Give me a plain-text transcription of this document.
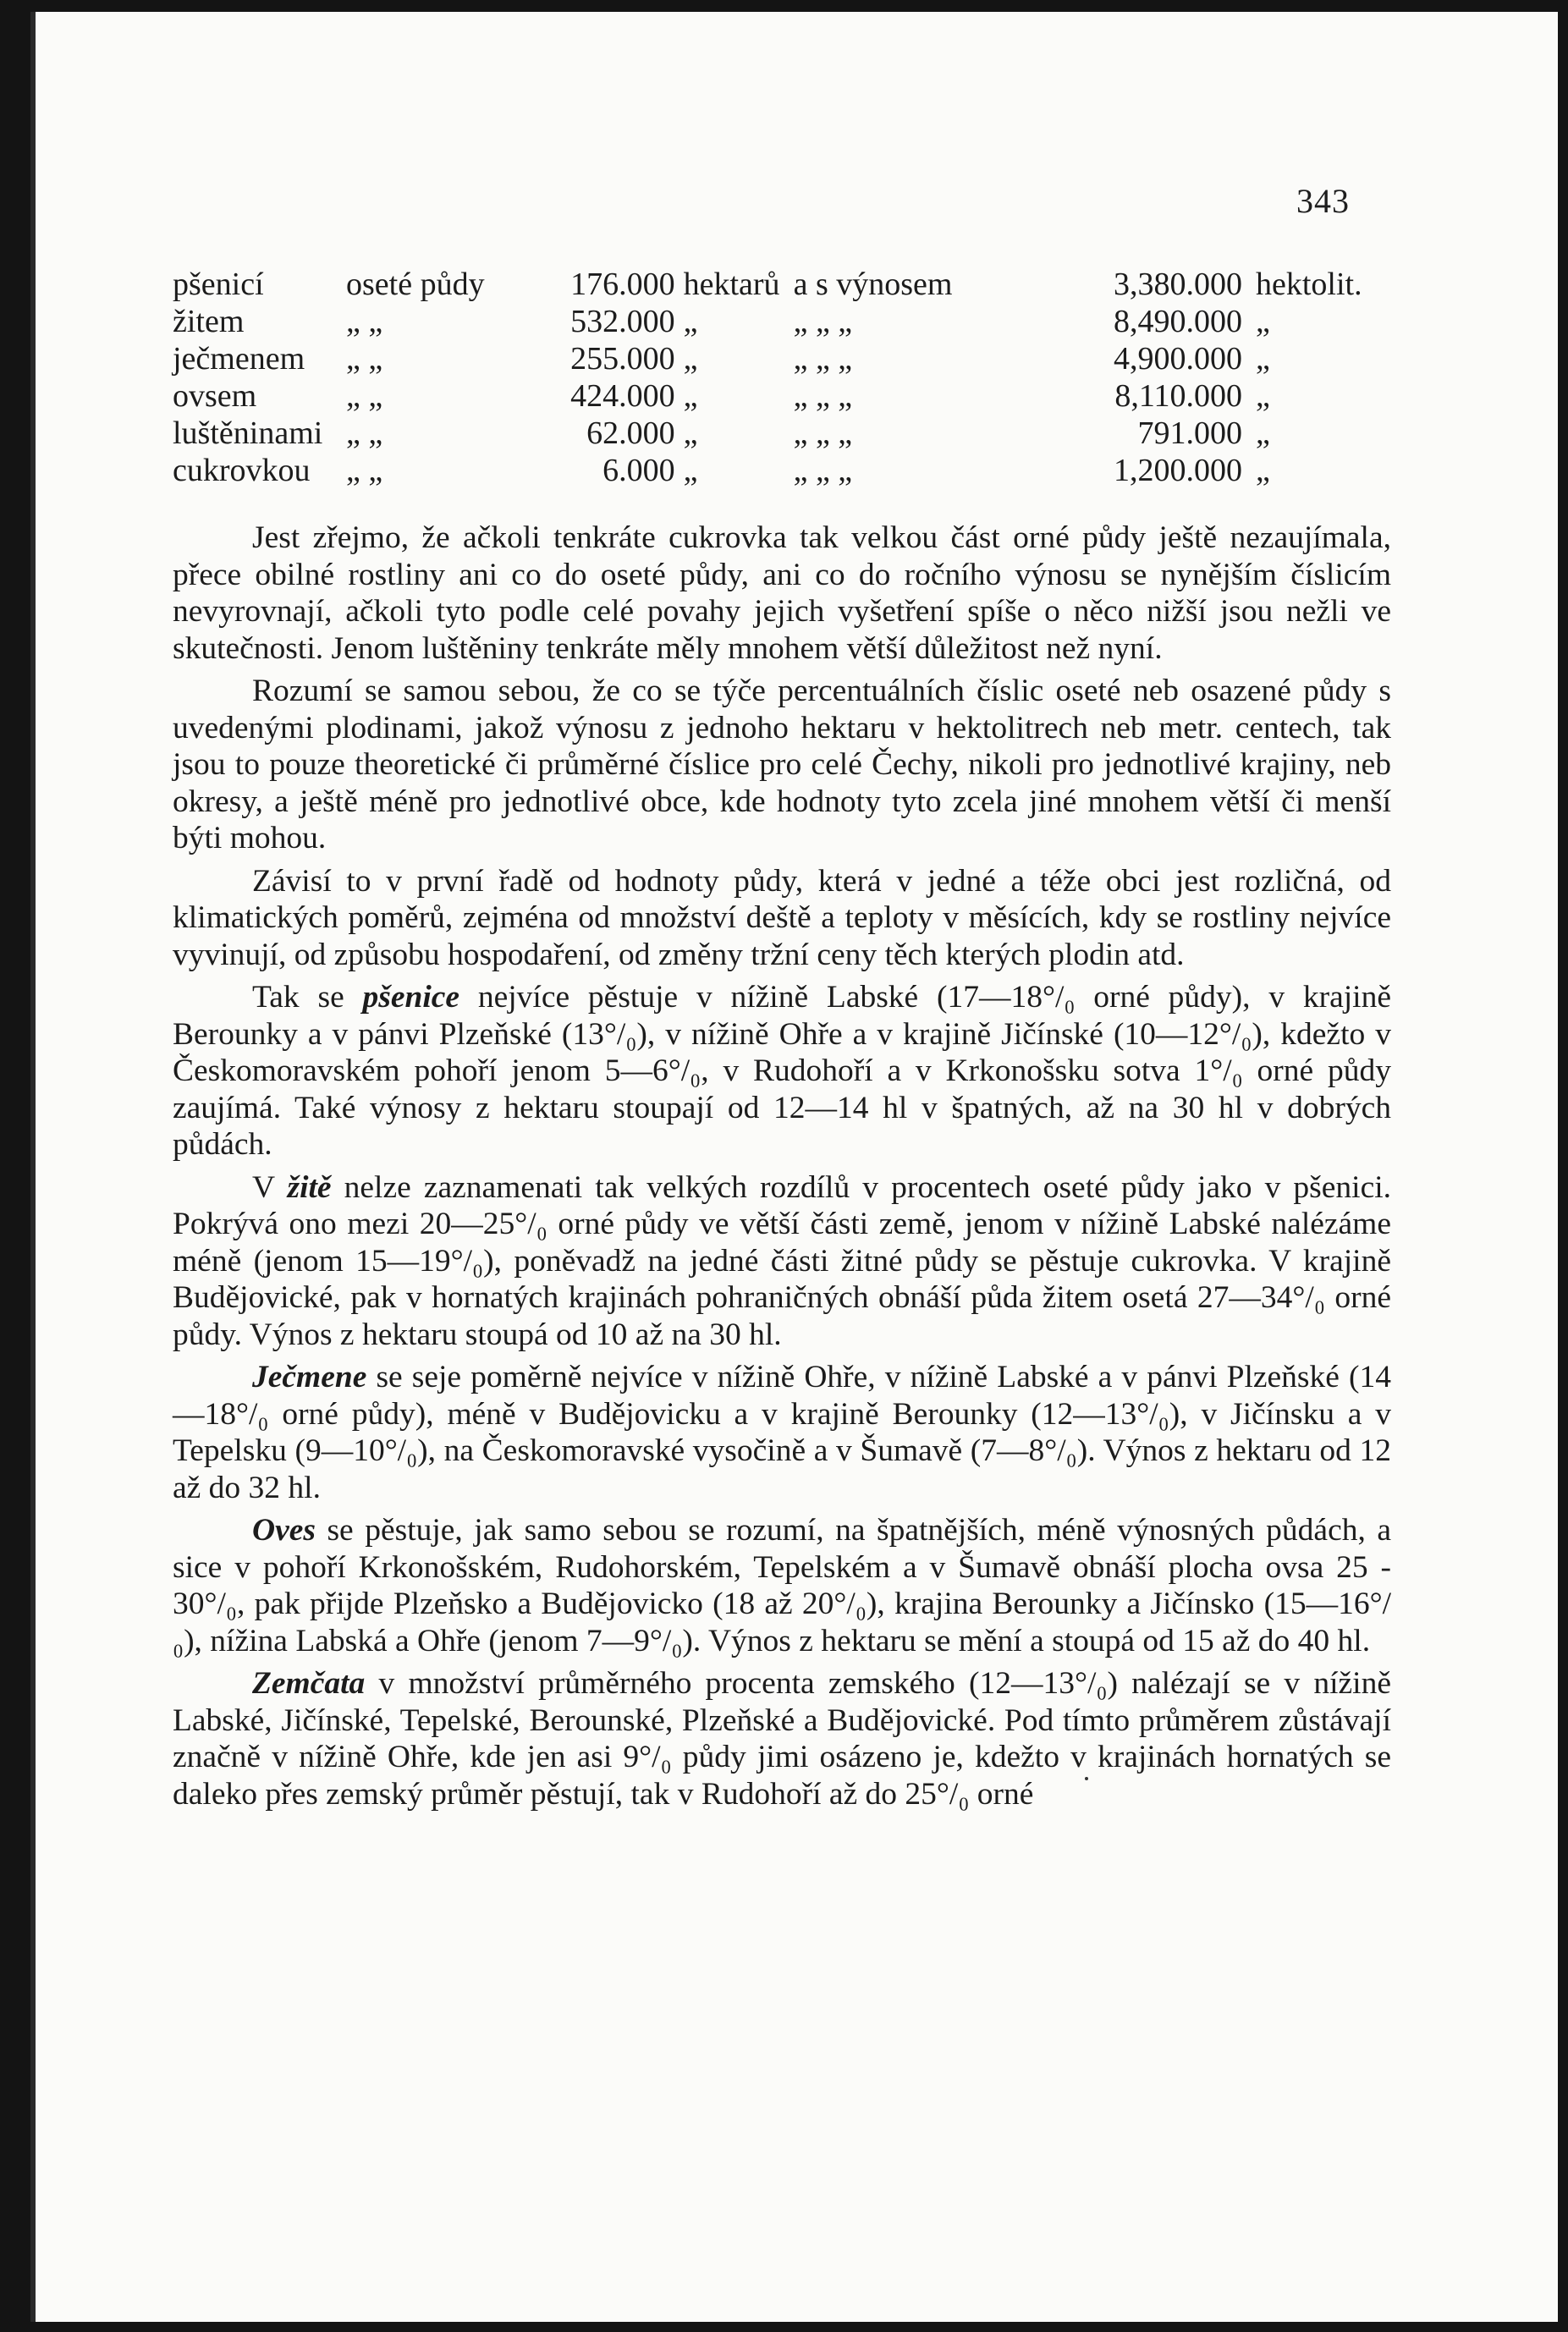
343
pšenicí	oseté půdy	176.000	hektarů	a s výnosem	3,380.000	hektolit.
žitem	„ „	532.000	„	„ „ „	8,490.000	„
ječmenem	„ „	255.000	„	„ „ „	4,900.000	„
ovsem	„ „	424.000	„	„ „ „	8,110.000	„
luštěninami	„ „	62.000	„	„ „ „	791.000	„
cukrovkou	„ „	6.000	„	„ „ „	1,200.000	„

Jest zřejmo, že ačkoli tenkráte cukrovka tak velkou část orné půdy ještě nezaujímala, přece obilné rostliny ani co do oseté půdy, ani co do ročního výnosu se nynějším číslicím nevyrovnají, ačkoli tyto podle celé povahy jejich vyšetření spíše o něco nižší jsou nežli ve skutečnosti. Jenom luštěniny tenkráte měly mnohem větší důležitost než nyní.

Rozumí se samou sebou, že co se týče percentuálních číslic oseté neb osazené půdy s uvedenými plodinami, jakož výnosu z jednoho hektaru v hektolitrech neb metr. centech, tak jsou to pouze theoretické či průměrné číslice pro celé Čechy, nikoli pro jednotlivé krajiny, neb okresy, a ještě méně pro jednotlivé obce, kde hodnoty tyto zcela jiné mnohem větší či menší býti mohou.

Závisí to v první řadě od hodnoty půdy, která v jedné a téže obci jest rozličná, od klimatických poměrů, zejména od množství deště a teploty v měsících, kdy se rostliny nejvíce vyvinují, od způsobu hospodaření, od změny tržní ceny těch kterých plodin atd.

Tak se pšenice nejvíce pěstuje v nížině Labské (17—18°/₀ orné půdy), v krajině Berounky a v pánvi Plzeňské (13°/₀), v nížině Ohře a v krajině Jičínské (10—12°/₀), kdežto v Českomoravském pohoří jenom 5—6°/₀, v Rudohoří a v Krkonošsku sotva 1°/₀ orné půdy zaujímá. Také výnosy z hektaru stoupají od 12—14 hl v špatných, až na 30 hl v dobrých půdách.

V žitě nelze zaznamenati tak velkých rozdílů v procentech oseté půdy jako v pšenici. Pokrývá ono mezi 20—25°/₀ orné půdy ve větší části země, jenom v nížině Labské nalézáme méně (jenom 15—19°/₀), poněvadž na jedné části žitné půdy se pěstuje cukrovka. V krajině Budějovické, pak v hornatých krajinách pohraničných obnáší půda žitem osetá 27—34°/₀ orné půdy. Výnos z hektaru stoupá od 10 až na 30 hl.

Ječmene se seje poměrně nejvíce v nížině Ohře, v nížině Labské a v pánvi Plzeňské (14—18°/₀ orné půdy), méně v Budějovicku a v krajině Berounky (12—13°/₀), v Jičínsku a v Tepelsku (9—10°/₀), na Českomoravské vysočině a v Šumavě (7—8°/₀). Výnos z hektaru od 12 až do 32 hl.

Oves se pěstuje, jak samo sebou se rozumí, na špatnějších, méně výnosných půdách, a sice v pohoří Krkonošském, Rudohorském, Tepelském a v Šumavě obnáší plocha ovsa 25 - 30°/₀, pak přijde Plzeňsko a Budějovicko (18 až 20°/₀), krajina Berounky a Jičínsko (15—16°/₀), nížina Labská a Ohře (jenom 7—9°/₀). Výnos z hektaru se mění a stoupá od 15 až do 40 hl.

Zemčata v množství průměrného procenta zemského (12—13°/₀) nalézají se v nížině Labské, Jičínské, Tepelské, Berounské, Plzeňské a Budějovické. Pod tímto průměrem zůstávají značně v nížině Ohře, kde jen asi 9°/₀ půdy jimi osázeno je, kdežto v krajinách hornatých se daleko přes zemský průměr pěstují, tak v Rudohoří až do 25°/₀ orné
